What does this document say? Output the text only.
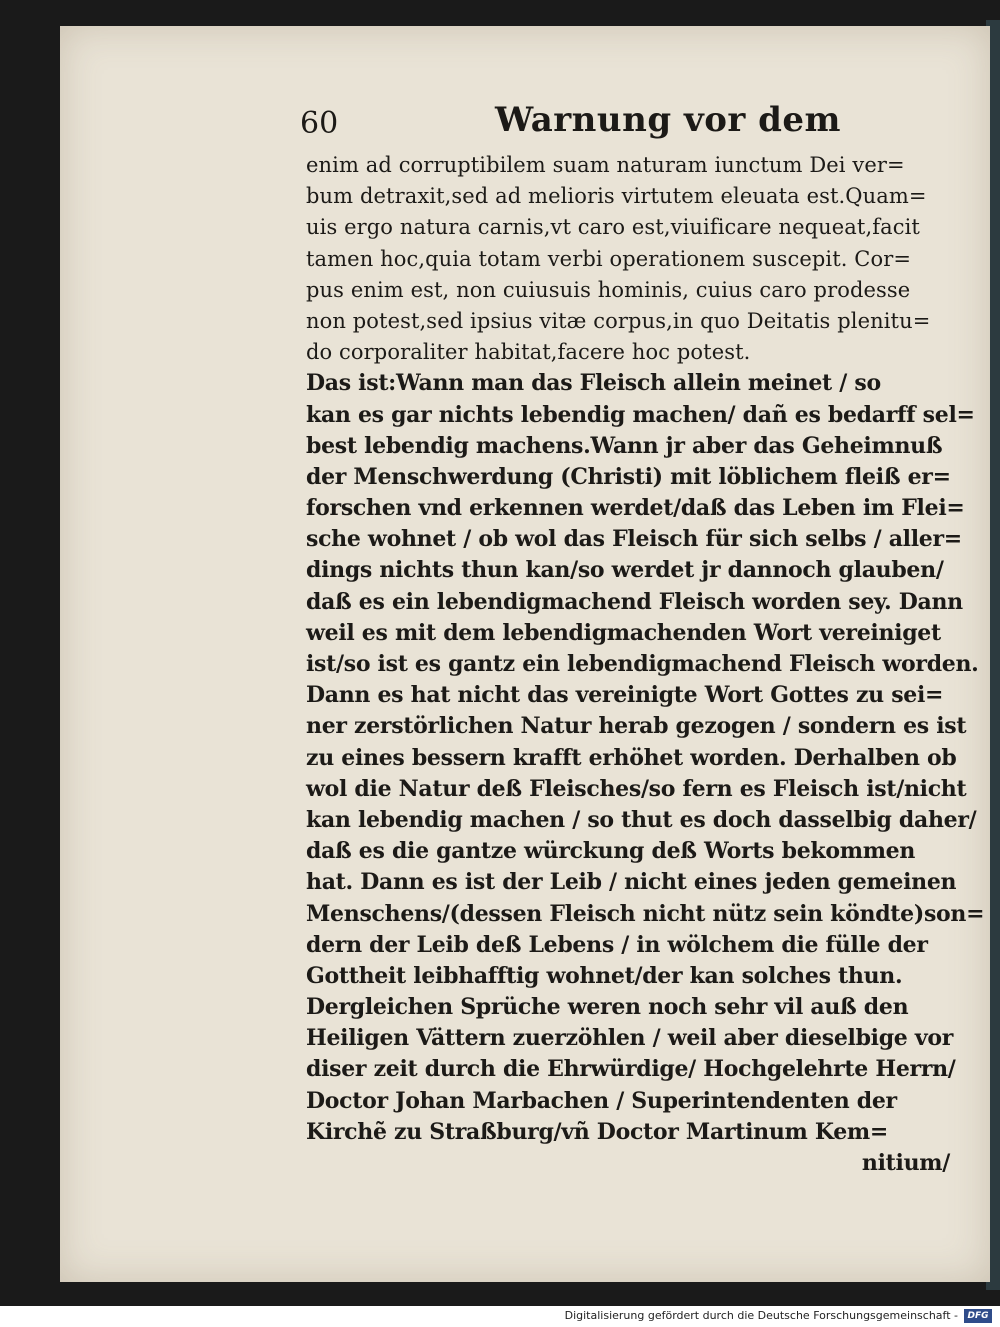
60	Warnung vor dem
enim ad corruptibilem suam naturam iunctum Dei ver=
bum detraxit,sed ad melioris virtutem eleuata est.Quam=
uis ergo natura carnis,vt caro est,viuificare nequeat,facit
tamen hoc,quia totam verbi operationem suscepit. Cor=
pus enim est, non cuiusuis hominis, cuius caro prodesse
non potest,sed ipsius vitæ corpus,in quo Deitatis plenitu=
do corporaliter habitat,facere hoc potest.
Das ist:Wann man das Fleisch allein meinet / so
kan es gar nichts lebendig machen/ dañ es bedarff sel=
best lebendig machens.Wann jr aber das Geheimnuß
der Menschwerdung (Christi) mit löblichem fleiß er=
forschen vnd erkennen werdet/daß das Leben im Flei=
sche wohnet / ob wol das Fleisch für sich selbs / aller=
dings nichts thun kan/so werdet jr dannoch glauben/
daß es ein lebendigmachend Fleisch worden sey. Dann
weil es mit dem lebendigmachenden Wort vereiniget
ist/so ist es gantz ein lebendigmachend Fleisch worden.
Dann es hat nicht das vereinigte Wort Gottes zu sei=
ner zerstörlichen Natur herab gezogen / sondern es ist
zu eines bessern krafft erhöhet worden. Derhalben ob
wol die Natur deß Fleisches/so fern es Fleisch ist/nicht
kan lebendig machen / so thut es doch dasselbig daher/
daß es die gantze würckung deß Worts bekommen
hat. Dann es ist der Leib / nicht eines jeden gemeinen
Menschens/(dessen Fleisch nicht nütz sein köndte)son=
dern der Leib deß Lebens / in wölchem die fülle der
Gottheit leibhafftig wohnet/der kan solches thun.
Dergleichen Sprüche weren noch sehr vil auß den
Heiligen Vättern zuerzöhlen / weil aber dieselbige vor
diser zeit durch die Ehrwürdige/ Hochgelehrte Herrn/
Doctor Johan Marbachen / Superintendenten der
Kirchẽ zu Straßburg/vñ Doctor Martinum Kem=
nitium/
Digitalisierung gefördert durch die Deutsche Forschungsgemeinschaft -	DFG
